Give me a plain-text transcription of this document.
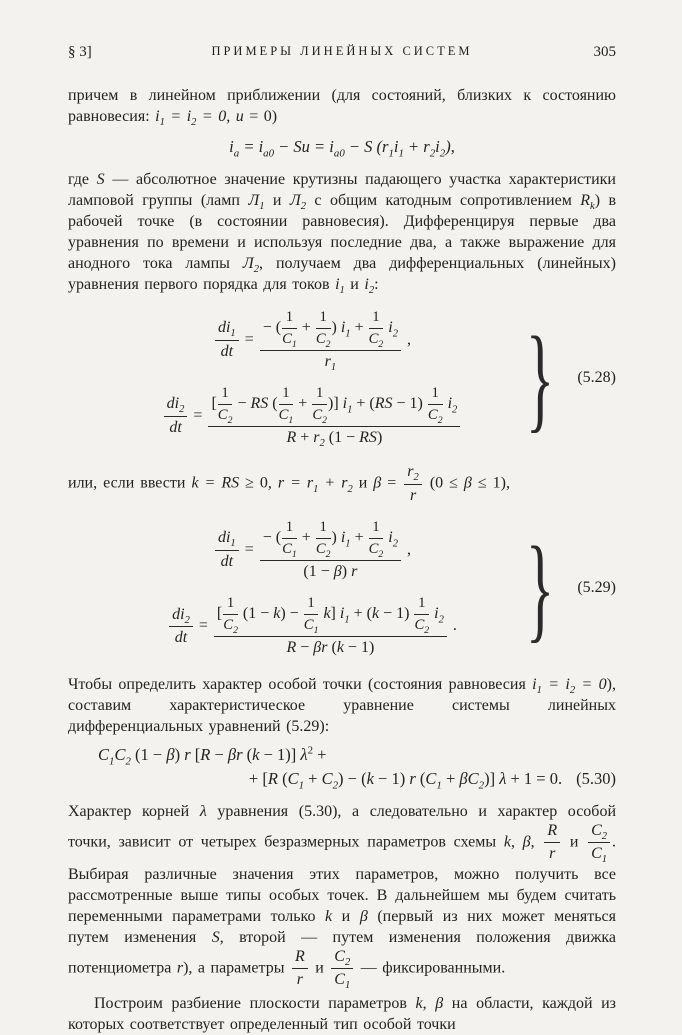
§ 3]	ПРИМЕРЫ ЛИНЕЙНЫХ СИСТЕМ	305

причем в линейном приближении (для состояний, близких к состоянию равновесия: $i_1 = i_2 = 0$, u = 0)

$i_a = i_{a0} - Su = i_{a0} - S$ $(r_1i_1 + r_2i_2)$,

где S — абсолютное значение крутизны падающего участка характеристики ламповой группы (ламп $Л_1$ и $Л_2$ с общим катодным сопротивлением $R_k$) в рабочей точке (в состоянии равновесия). Дифференцируя первые два уравнения по времени и используя последние два, а также выражение для анодного тока лампы $Л_2$, получаем два дифференциальных (линейных) уравнения первого порядка для токов $i_1$ и $i_2$:

$\frac{di_1}{dt} = \frac{- ( \frac{1}{C_1} + \frac{1}{C_2} ) i_1 + \frac{1}{C_2} i_2}{r_1}$ ,
$\frac{di_2}{dt} = \frac{[ \frac{1}{C_2} - RS ( \frac{1}{C_1} + \frac{1}{C_2} )] i_1 + (RS - 1) \frac{1}{C_2} i_2}{R + r_2 (1 - RS)}$ }	(5.28)

или, если ввести k = RS ≥ 0, $r = r_1 + r_2$ и $\beta = \frac{r_2}{r} (0 \le \beta \le 1)$,

$\frac{di_1}{dt} = \frac{- ( \frac{1}{C_1} + \frac{1}{C_2} ) i_1 + \frac{1}{C_2} i_2}{(1 - \beta) r}$ ,
$\frac{di_2}{dt} = \frac{[ \frac{1}{C_2} (1 - k) - \frac{1}{C_1} k] i_1 + (k - 1) \frac{1}{C_2} i_2}{R - \beta r (k - 1)}$ . }	(5.29)

Чтобы определить характер особой точки (состояния равновесия $i_1 = i_2 = 0$), составим характеристическое уравнение системы линейных дифференциальных уравнений (5.29):

$C_1C_2$ (1 − β) r [R − βr (k − 1)] $\lambda^2$ +
+ [R $(C_1 + C_2) - (k - 1)$ r $(C_1 + \beta C_2)$] λ + 1 = 0. (5.30)

Характер корней λ уравнения (5.30), а следовательно и характер особой точки, зависит от четырех безразмерных параметров схемы k, β, $\frac{R}{r}$ и $\frac{C_2}{C_1}$ . Выбирая различные значения этих параметров, можно получить все рассмотренные выше типы особых точек. В дальнейшем мы будем считать переменными параметрами только k и β (первый из них может меняться путем изменения S, второй — путем изменения положения движка потенциометра r), а параметры $\frac{R}{r}$ и $\frac{C_2}{C_1}$ — фиксированными.

Построим разбиение плоскости параметров k, β на области, каждой из которых соответствует определенный тип особой точки
